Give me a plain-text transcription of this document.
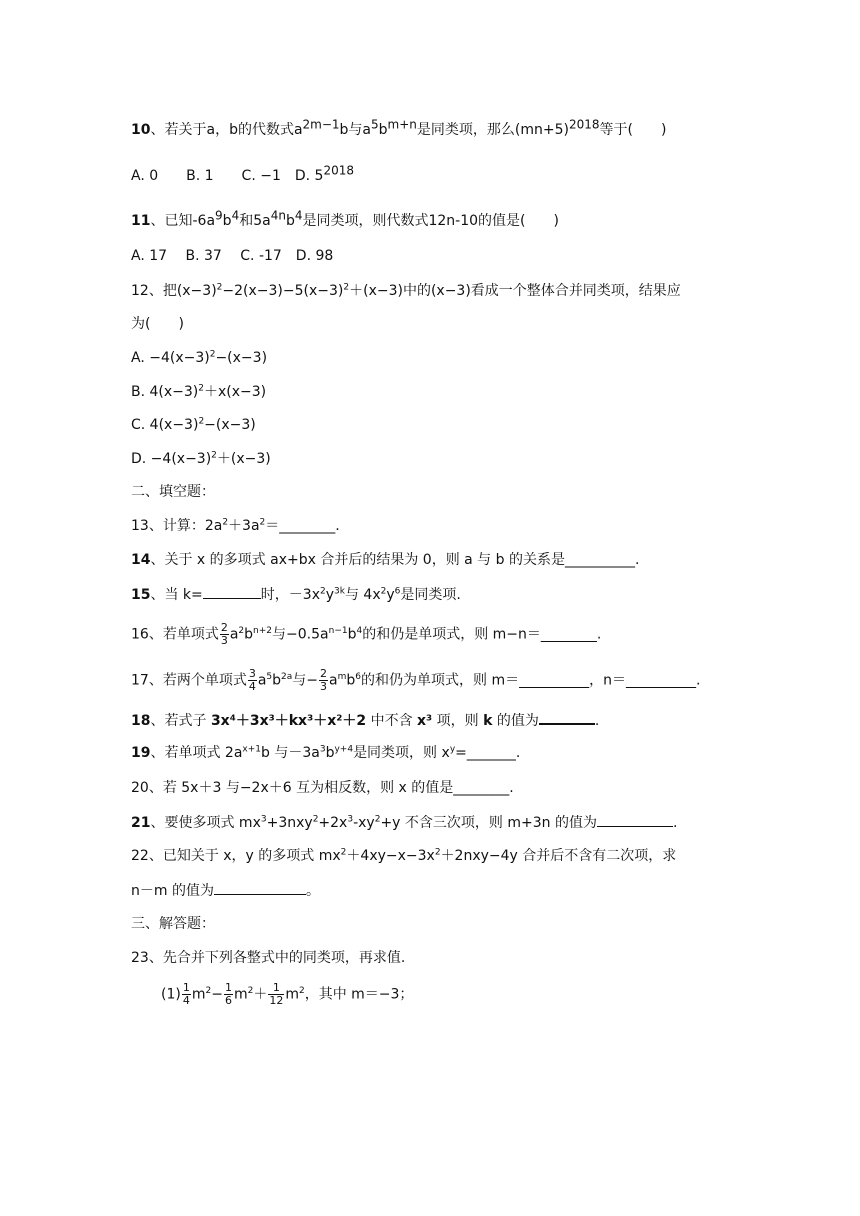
10、若关于a，b的代数式$a^{2m-1}b$与$a^5b^{m+n}$是同类项，那么$(mn+5)^{2018}$等于(　　)
A. 0　　B. 1　　C. −1　D. $5^{2018}$
11、已知$-6a^9b^4$和$5a^{4n}b^4$是同类项，则代数式12n-10的值是(　　)
A. 17　 B. 37　 C. -17　D. 98
12、把$(x-3)^2-2(x-3)-5(x-3)^2+(x-3)$中的(x−3)看成一个整体合并同类项，结果应
为(　　)
A. $-4(x-3)^2-(x-3)$
B. $4(x-3)^2+x(x-3)$
C. $4(x-3)^2-(x-3)$
D. $-4(x-3)^2+(x-3)$
二、填空题：
13、计算：$2a^2+3a^2=\_\_\_\_\_\_\_\_$.
14、关于 x 的多项式 ax+bx 合并后的结果为 0，则 a 与 b 的关系是__________.
15、当 k=	时，$-3x^2y^{3k}$与 $4x^2y^6$是同类项.
16、若单项式 $\frac{2}{3} a^2b^{n+2}$与$-0.5a^{n-1}b^4$的和仍是单项式，则 m−n＝________.
17、若两个单项式 $\frac{3}{4} a^5b^{2a}$与− $\frac{2}{3} a^mb^6$的和仍为单项式，则 m＝__________，n＝__________.
18、若式子 3x⁴＋3x³＋kx³＋x²＋2 中不含 x³ 项，则 k 的值为	.
19、若单项式 $2a^{x+1}b$ 与$-3a^3b^{y+4}$是同类项，则 $x^y=\_\_\_\_\_\_\_$.
20、若 5x＋3 与−2x＋6 互为相反数，则 x 的值是________.
21、要使多项式 $mx^3+3nxy^2+2x^3-xy^2+y$ 不含三次项，则 m+3n 的值为	.
22、已知关于 x，y 的多项式 $mx^2+4xy-x-3x^2+2nxy-4y$ 合并后不含有二次项，求
n－m 的值为	。
三、解答题：
23、先合并下列各整式中的同类项，再求值.
$(1) \frac{1}{4} m^2- \frac{1}{6} m^2+ \frac{1}{12} m^2$，其中 m＝−3；
